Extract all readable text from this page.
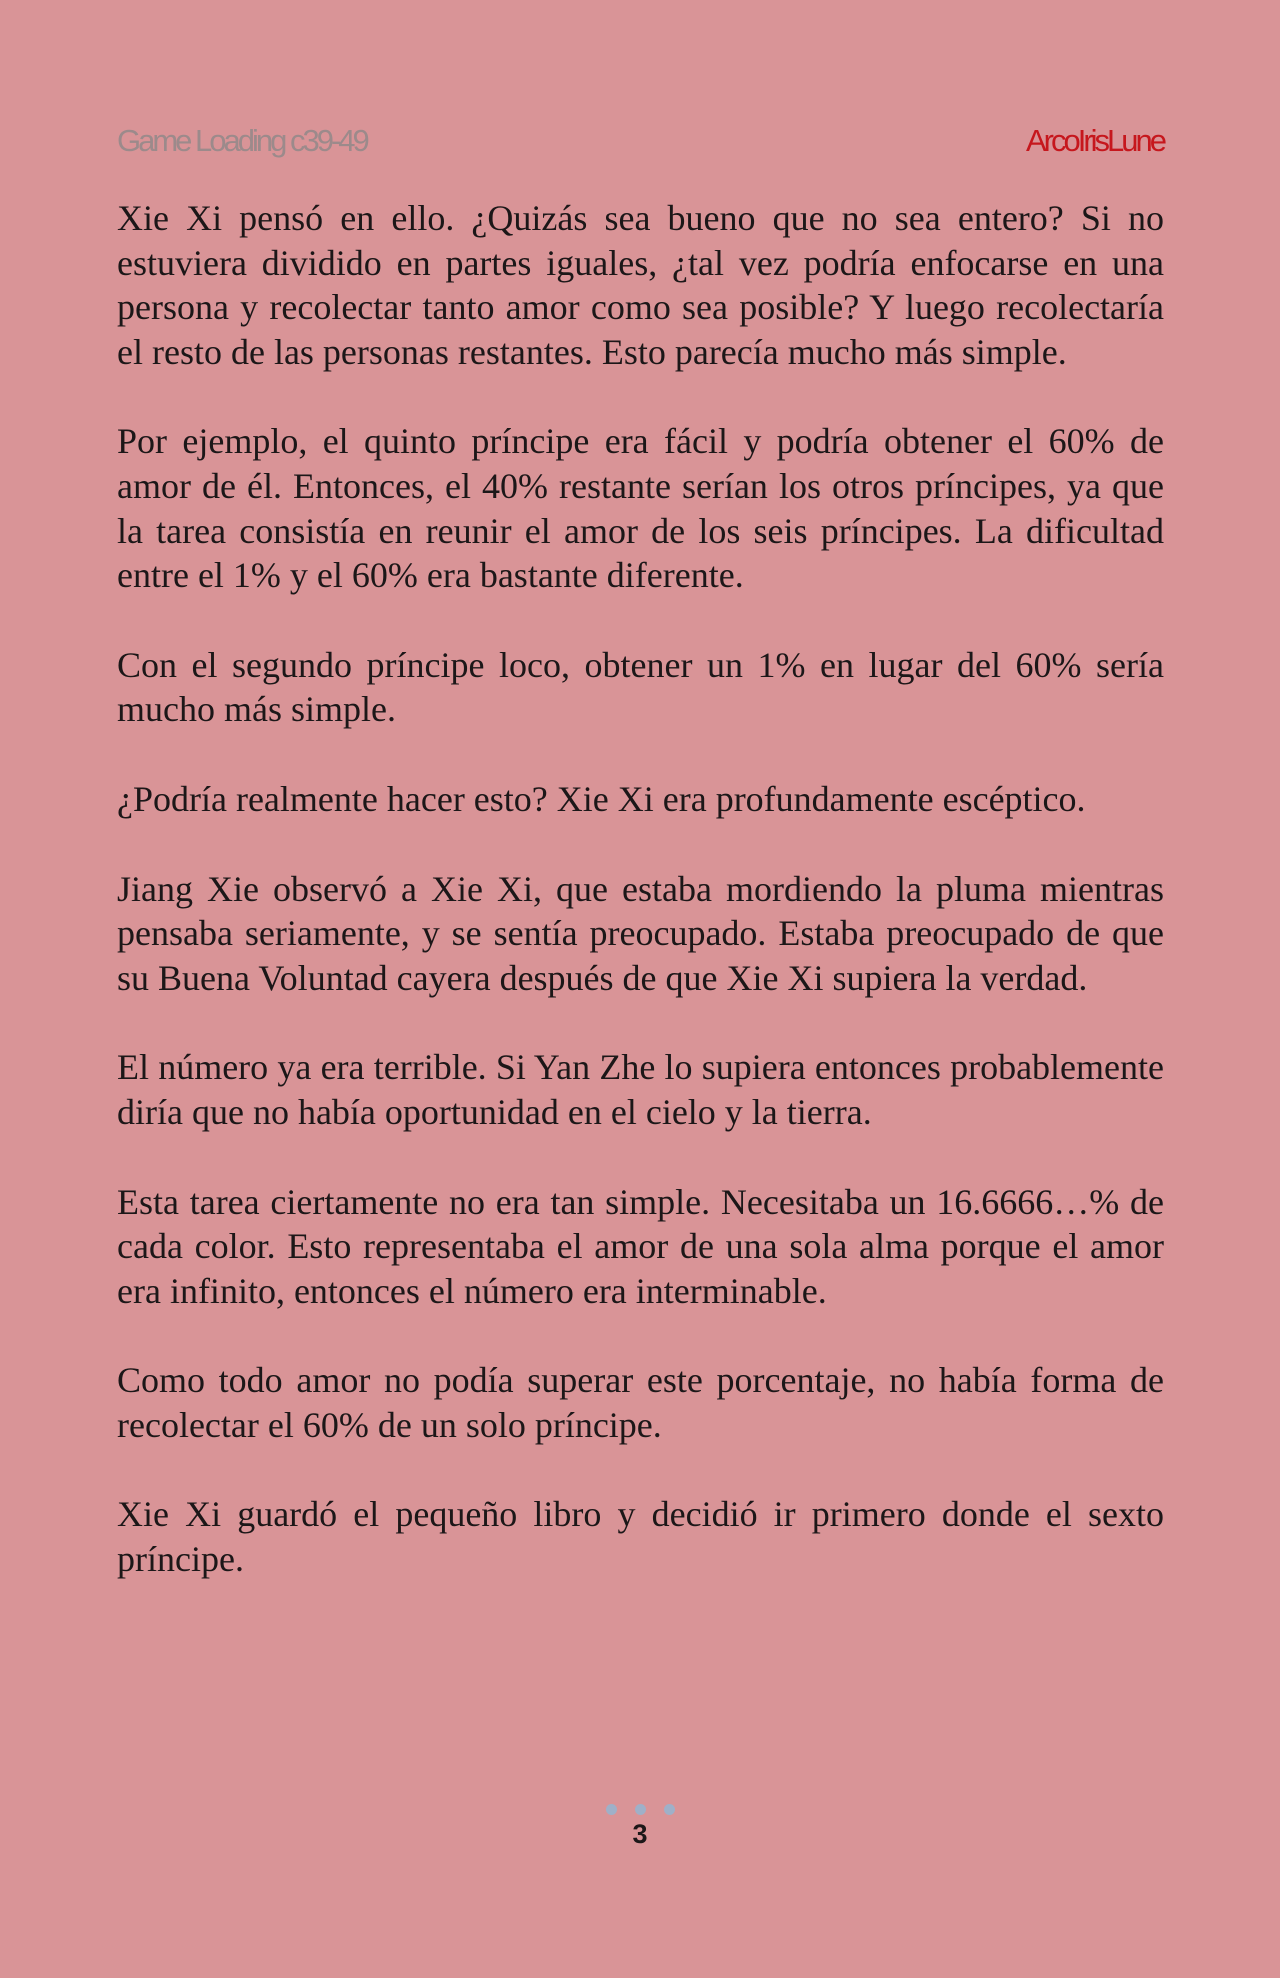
Game Loading c39-49	ArcoIrisLune

Xie Xi pensó en ello. ¿Quizás sea bueno que no sea entero? Si no estuviera dividido en partes iguales, ¿tal vez podría enfocarse en una persona y recolectar tanto amor como sea posible? Y luego recolectaría el resto de las personas restantes. Esto parecía mucho más simple.

Por ejemplo, el quinto príncipe era fácil y podría obtener el 60% de amor de él. Entonces, el 40% restante serían los otros príncipes, ya que la tarea consistía en reunir el amor de los seis príncipes. La dificultad entre el 1% y el 60% era bastante diferente.

Con el segundo príncipe loco, obtener un 1% en lugar del 60% sería mucho más simple.

¿Podría realmente hacer esto? Xie Xi era profundamente escéptico.

Jiang Xie observó a Xie Xi, que estaba mordiendo la pluma mientras pensaba seriamente, y se sentía preocupado. Estaba preocupado de que su Buena Voluntad cayera después de que Xie Xi supiera la verdad.

El número ya era terrible. Si Yan Zhe lo supiera entonces probablemente diría que no había oportunidad en el cielo y la tierra.

Esta tarea ciertamente no era tan simple. Necesitaba un 16.6666…% de cada color. Esto representaba el amor de una sola alma porque el amor era infinito, entonces el número era interminable.

Como todo amor no podía superar este porcentaje, no había forma de recolectar el 60% de un solo príncipe.

Xie Xi guardó el pequeño libro y decidió ir primero donde el sexto príncipe.

3
